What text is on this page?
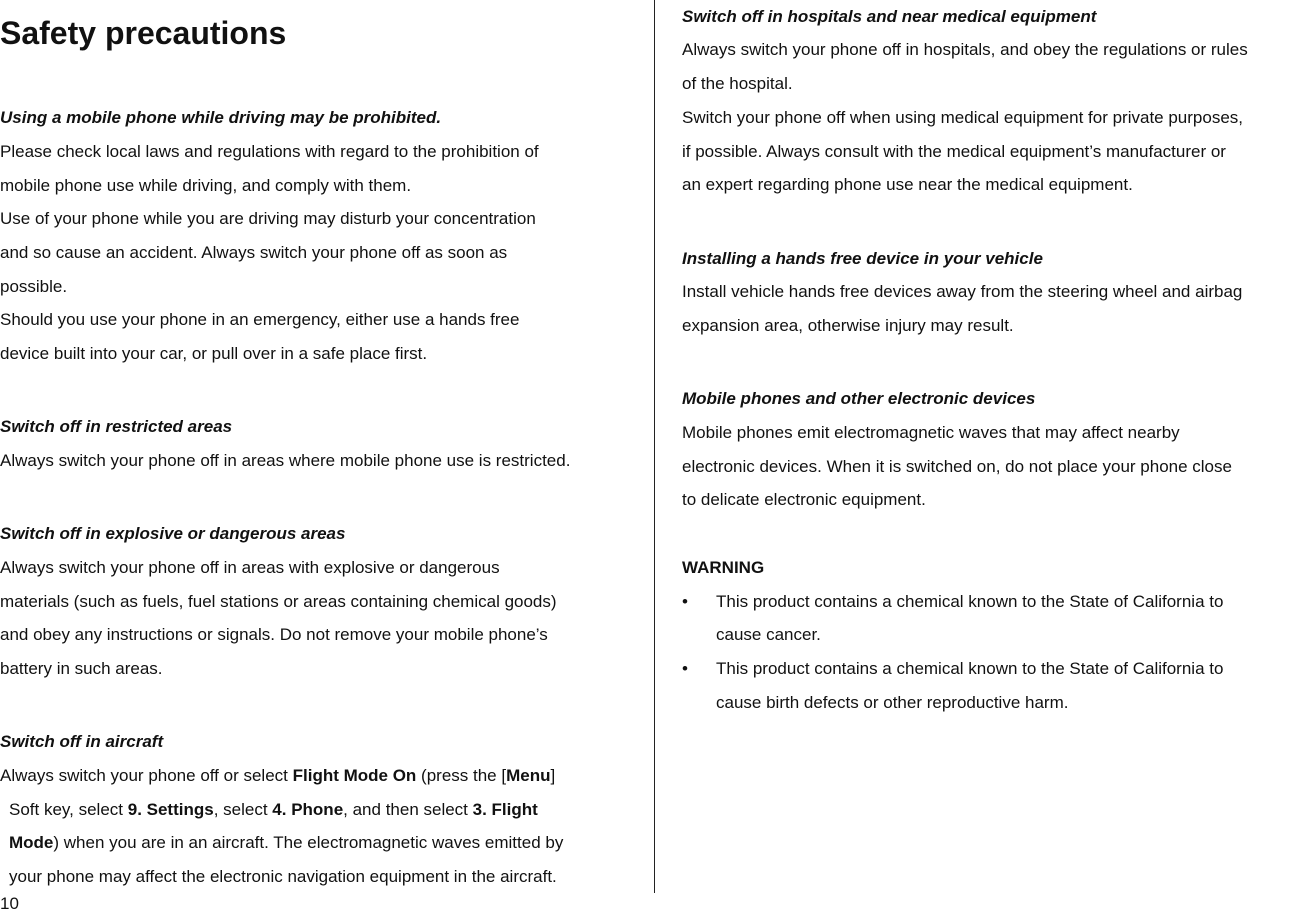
Safety precautions
Using a mobile phone while driving may be prohibited.
Please check local laws and regulations with regard to the prohibition of
mobile phone use while driving, and comply with them.
Use of your phone while you are driving may disturb your concentration
and so cause an accident. Always switch your phone off as soon as
possible.
Should you use your phone in an emergency, either use a hands free
device built into your car, or pull over in a safe place first.
Switch off in restricted areas
Always switch your phone off in areas where mobile phone use is restricted.
Switch off in explosive or dangerous areas
Always switch your phone off in areas with explosive or dangerous
materials (such as fuels, fuel stations or areas containing chemical goods)
and obey any instructions or signals. Do not remove your mobile phone’s
battery in such areas.
Switch off in aircraft
Always switch your phone off or select Flight Mode On (press the [Menu]
Soft key, select 9. Settings, select 4. Phone, and then select 3. Flight
Mode) when you are in an aircraft. The electromagnetic waves emitted by
your phone may affect the electronic navigation equipment in the aircraft.
10
Switch off in hospitals and near medical equipment
Always switch your phone off in hospitals, and obey the regulations or rules
of the hospital.
Switch your phone off when using medical equipment for private purposes,
if possible. Always consult with the medical equipment’s manufacturer or
an expert regarding phone use near the medical equipment.
Installing a hands free device in your vehicle
Install vehicle hands free devices away from the steering wheel and airbag
expansion area, otherwise injury may result.
Mobile phones and other electronic devices
Mobile phones emit electromagnetic waves that may affect nearby
electronic devices. When it is switched on, do not place your phone close
to delicate electronic equipment.
WARNING
• This product contains a chemical known to the State of California to
cause cancer.
• This product contains a chemical known to the State of California to
cause birth defects or other reproductive harm.
